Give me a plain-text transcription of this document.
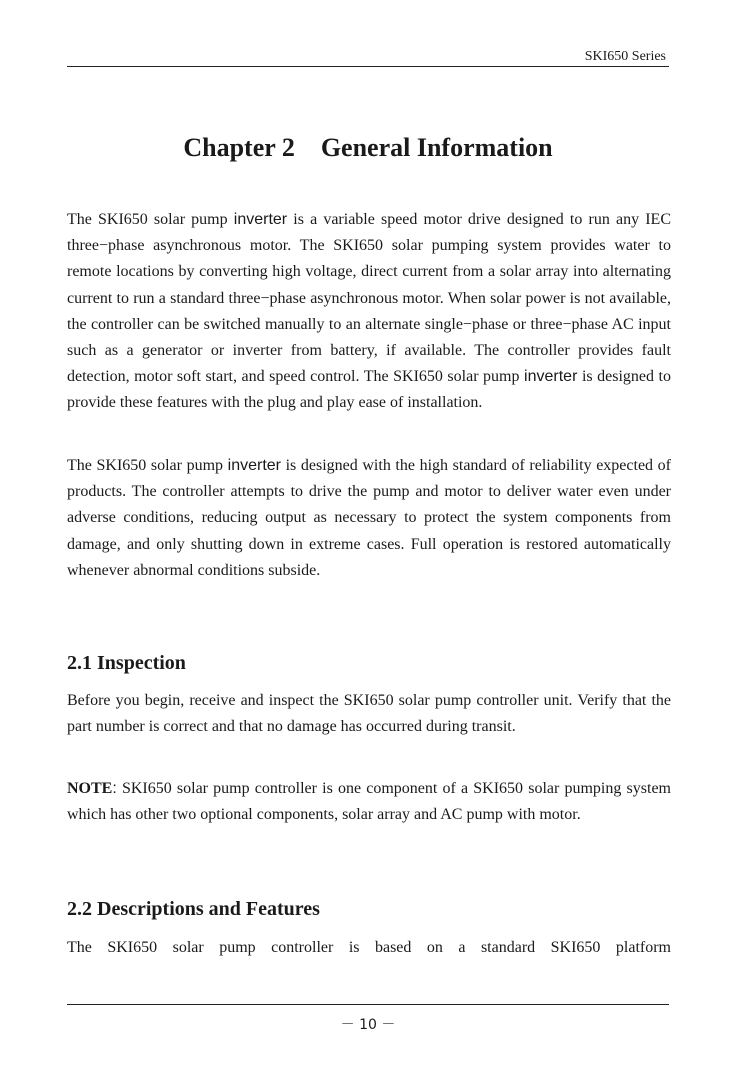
SKI650 Series
Chapter 2    General Information

The SKI650 solar pump inverter is a variable speed motor drive designed to run any IEC three−phase asynchronous motor. The SKI650 solar pumping system provides water to remote locations by converting high voltage, direct current from a solar array into alternating current to run a standard three−phase asynchronous motor. When solar power is not available, the controller can be switched manually to an alternate single−phase or three−phase AC input such as a generator or inverter from battery, if available. The controller provides fault detection, motor soft start, and speed control. The SKI650 solar pump inverter is designed to provide these features with the plug and play ease of installation.

The SKI650 solar pump inverter is designed with the high standard of reliability expected of products. The controller attempts to drive the pump and motor to deliver water even under adverse conditions, reducing output as necessary to protect the system components from damage, and only shutting down in extreme cases. Full operation is restored automatically whenever abnormal conditions subside.

2.1 Inspection

Before you begin, receive and inspect the SKI650 solar pump controller unit. Verify that the part number is correct and that no damage has occurred during transit.

NOTE: SKI650 solar pump controller is one component of a SKI650 solar pumping system which has other two optional components, solar array and AC pump with motor.

2.2 Descriptions and Features

The SKI650 solar pump controller is based on a standard SKI650 platform

－ 10 －
